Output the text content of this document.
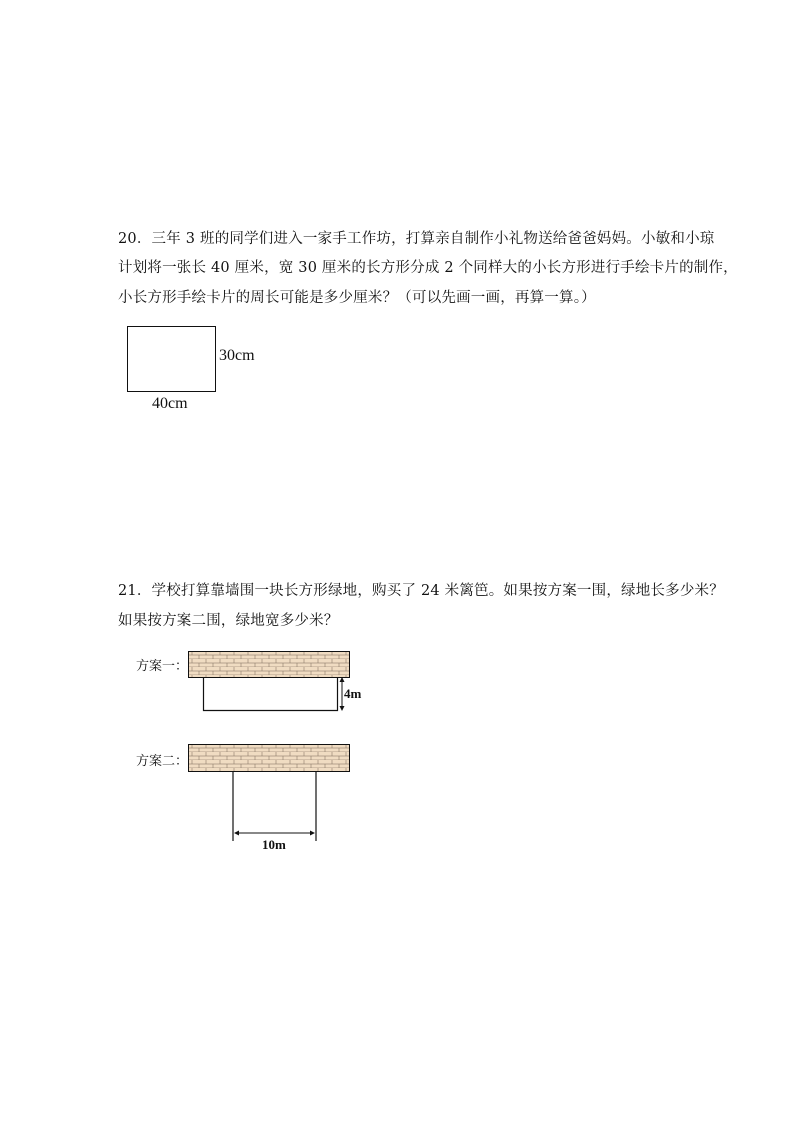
20．三年 3 班的同学们进入一家手工作坊，打算亲自制作小礼物送给爸爸妈妈。小敏和小琼
计划将一张长 40 厘米，宽 30 厘米的长方形分成 2 个同样大的小长方形进行手绘卡片的制作，
小长方形手绘卡片的周长可能是多少厘米？（可以先画一画，再算一算。）
30cm
40cm
21．学校打算靠墙围一块长方形绿地，购买了 24 米篱笆。如果按方案一围，绿地长多少米？
如果按方案二围，绿地宽多少米？
方案一：
4m
方案二：
10m
